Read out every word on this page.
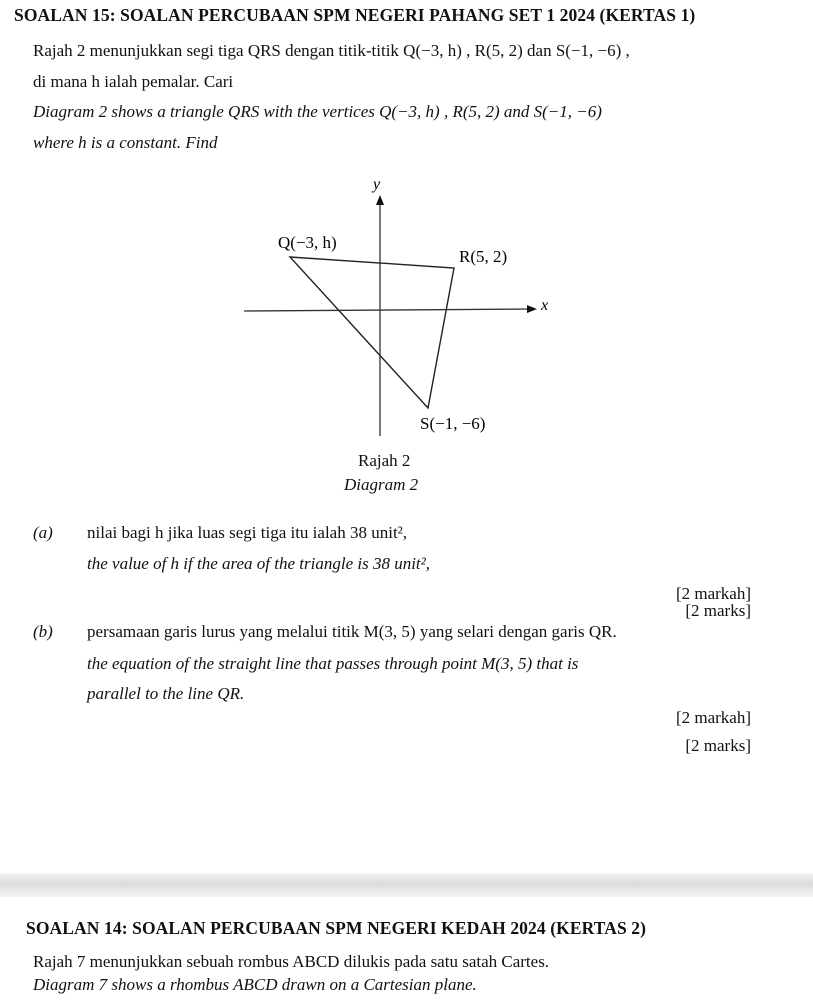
SOALAN 15: SOALAN PERCUBAAN SPM NEGERI PAHANG SET 1 2024 (KERTAS 1)
Rajah 2 menunjukkan segi tiga QRS dengan titik-titik Q(−3, h) , R(5, 2) dan S(−1, −6) ,
di mana h ialah pemalar. Cari
Diagram 2 shows a triangle QRS with the vertices Q(−3, h) , R(5, 2) and S(−1, −6)
where h is a constant. Find
y
x
Q(−3, h)
R(5, 2)
S(−1, −6)
Rajah 2
Diagram 2
(a) nilai bagi h jika luas segi tiga itu ialah 38 unit²,
the value of h if the area of the triangle is 38 unit²,
[2 markah]
[2 marks]
(b) persamaan garis lurus yang melalui titik M(3, 5) yang selari dengan garis QR.
the equation of the straight line that passes through point M(3, 5) that is
parallel to the line QR.
[2 markah]
[2 marks]
SOALAN 14: SOALAN PERCUBAAN SPM NEGERI KEDAH 2024 (KERTAS 2)
Rajah 7 menunjukkan sebuah rombus ABCD dilukis pada satu satah Cartes.
Diagram 7 shows a rhombus ABCD drawn on a Cartesian plane.
